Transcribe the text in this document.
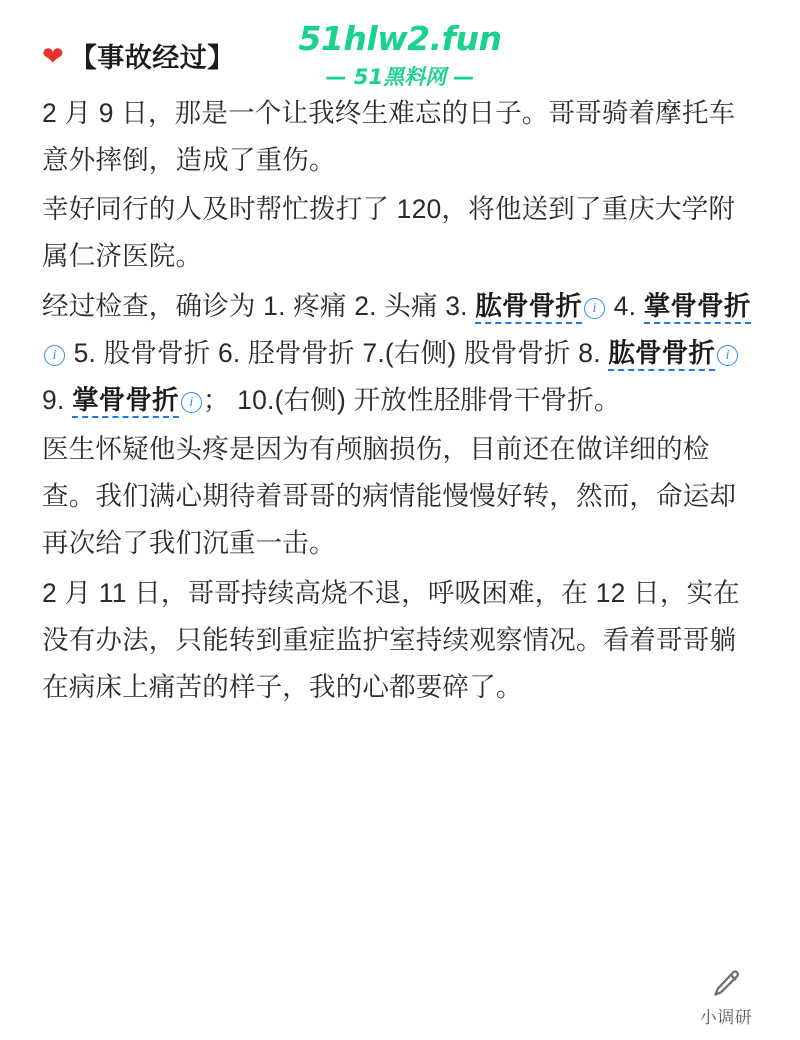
51hlw2.fun
— 51黑料网 —
❤ 【事故经过】

2 月 9 日，那是一个让我终生难忘的日子。哥哥骑着摩托车意外摔倒，造成了重伤。

幸好同行的人及时帮忙拨打了 120，将他送到了重庆大学附属仁济医院。

经过检查，确诊为 1. 疼痛 2. 头痛 3. 肱骨骨折 i 4. 掌骨骨折i 5. 股骨骨折 6. 胫骨骨折 7.(右侧) 股骨骨折 8. 肱骨骨折 i 9. 掌骨骨折 i ； 10.(右侧) 开放性胫腓骨干骨折。

医生怀疑他头疼是因为有颅脑损伤，目前还在做详细的检查。我们满心期待着哥哥的病情能慢慢好转，然而，命运却再次给了我们沉重一击。

2 月 11 日，哥哥持续高烧不退，呼吸困难，在 12 日，实在没有办法，只能转到重症监护室持续观察情况。看着哥哥躺在病床上痛苦的样子，我的心都要碎了。

小调研
